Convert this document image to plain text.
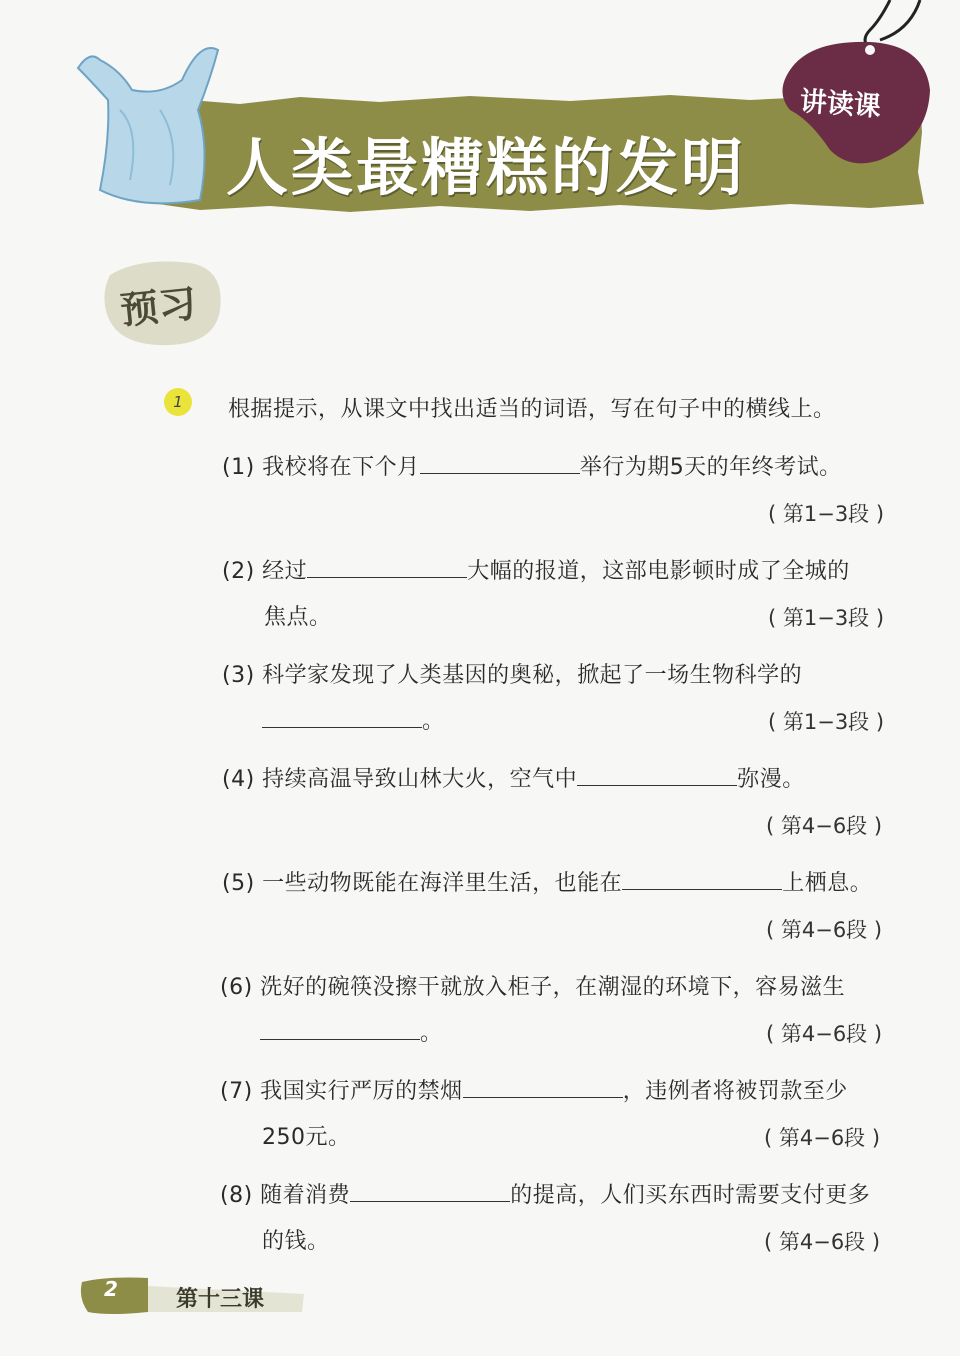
人类最糟糕的发明
讲读课
预习
1	根据提示，从课文中找出适当的词语，写在句子中的横线上。
(1) 我校将在下个月	举行为期5天的年终考试。
( 第1−3段 )
(2) 经过	大幅的报道，这部电影顿时成了全城的
焦点。	( 第1−3段 )
(3) 科学家发现了人类基因的奥秘，掀起了一场生物科学的
。	( 第1−3段 )
(4) 持续高温导致山林大火，空气中	弥漫。
( 第4−6段 )
(5) 一些动物既能在海洋里生活，也能在	上栖息。
( 第4−6段 )
(6) 洗好的碗筷没擦干就放入柜子，在潮湿的环境下，容易滋生
。	( 第4−6段 )
(7) 我国实行严厉的禁烟	，违例者将被罚款至少
250元。	( 第4−6段 )
(8) 随着消费	的提高，人们买东西时需要支付更多
的钱。	( 第4−6段 )
2	第十三课
